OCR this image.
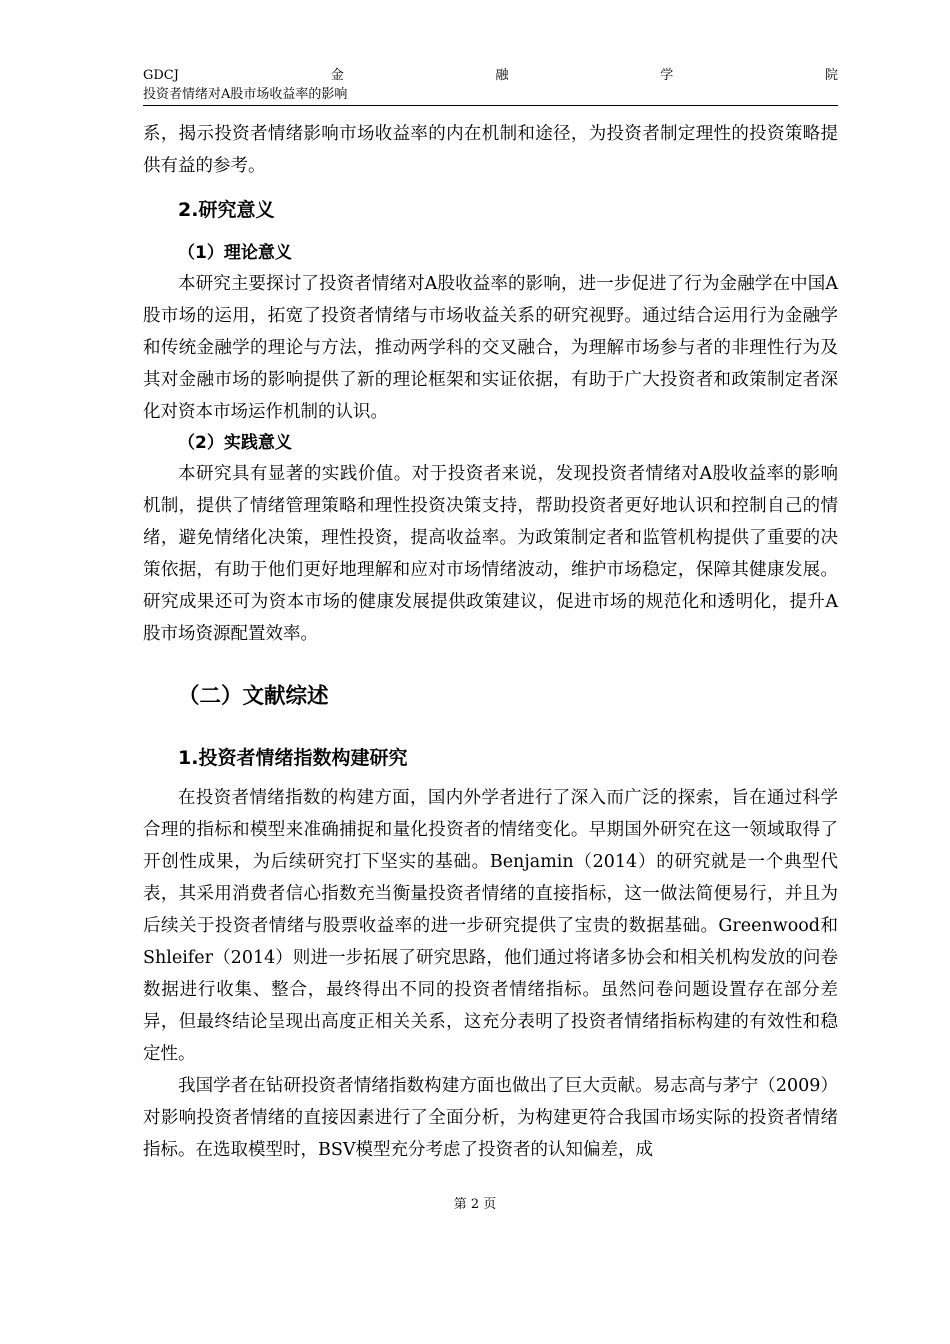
GDCJ	金	融	学	院
投资者情绪对A股市场收益率的影响

系，揭示投资者情绪影响市场收益率的内在机制和途径，为投资者制定理性的投资策略提供有益的参考。

2.研究意义
（1）理论意义

本研究主要探讨了投资者情绪对A股收益率的影响，进一步促进了行为金融学在中国A股市场的运用，拓宽了投资者情绪与市场收益关系的研究视野。通过结合运用行为金融学和传统金融学的理论与方法，推动两学科的交叉融合，为理解市场参与者的非理性行为及其对金融市场的影响提供了新的理论框架和实证依据，有助于广大投资者和政策制定者深化对资本市场运作机制的认识。

（2）实践意义

本研究具有显著的实践价值。对于投资者来说，发现投资者情绪对A股收益率的影响机制，提供了情绪管理策略和理性投资决策支持，帮助投资者更好地认识和控制自己的情绪，避免情绪化决策，理性投资，提高收益率。为政策制定者和监管机构提供了重要的决策依据，有助于他们更好地理解和应对市场情绪波动，维护市场稳定，保障其健康发展。研究成果还可为资本市场的健康发展提供政策建议，促进市场的规范化和透明化，提升A股市场资源配置效率。

（二）文献综述
1.投资者情绪指数构建研究

在投资者情绪指数的构建方面，国内外学者进行了深入而广泛的探索，旨在通过科学合理的指标和模型来准确捕捉和量化投资者的情绪变化。早期国外研究在这一领域取得了开创性成果，为后续研究打下坚实的基础。Benjamin（2014）的研究就是一个典型代表，其采用消费者信心指数充当衡量投资者情绪的直接指标，这一做法简便易行，并且为后续关于投资者情绪与股票收益率的进一步研究提供了宝贵的数据基础。Greenwood和Shleifer（2014）则进一步拓展了研究思路，他们通过将诸多协会和相关机构发放的问卷数据进行收集、整合，最终得出不同的投资者情绪指标。虽然问卷问题设置存在部分差异，但最终结论呈现出高度正相关关系，这充分表明了投资者情绪指标构建的有效性和稳定性。

我国学者在钻研投资者情绪指数构建方面也做出了巨大贡献。易志高与茅宁（2009）对影响投资者情绪的直接因素进行了全面分析，为构建更符合我国市场实际的投资者情绪指标。在选取模型时，BSV模型充分考虑了投资者的认知偏差，成

第 2 页
